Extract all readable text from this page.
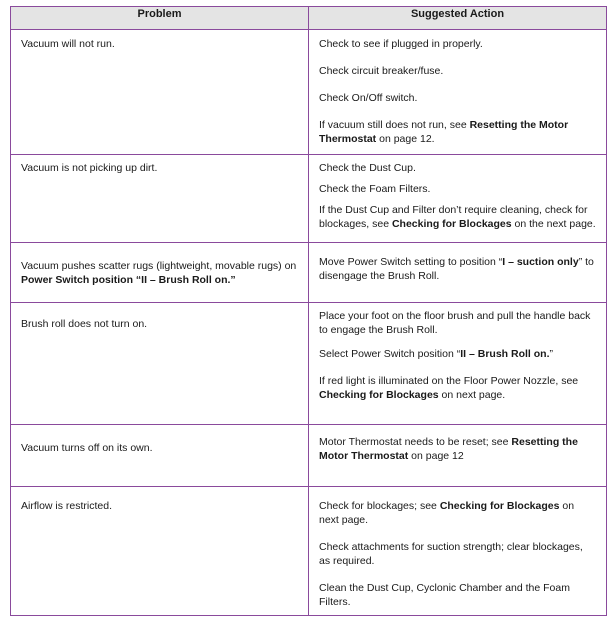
Problem	Suggested Action

Vacuum will not run.	Check to see if plugged in properly.
Check circuit breaker/fuse.
Check On/Off switch.
If vacuum still does not run, see Resetting the Motor Thermostat on page 12.

Vacuum is not picking up dirt.	Check the Dust Cup.
Check the Foam Filters.
If the Dust Cup and Filter don’t require cleaning, check for blockages, see Checking for Blockages on the next page.

Vacuum pushes scatter rugs (lightweight, movable rugs) on Power Switch position “II – Brush Roll on.”	Move Power Switch setting to position “I – suction only” to disengage the Brush Roll.

Brush roll does not turn on.	Place your foot on the floor brush and pull the handle back to engage the Brush Roll.
Select Power Switch position “II – Brush Roll on.”
If red light is illuminated on the Floor Power Nozzle, see Checking for Blockages on next page.

Vacuum turns off on its own.	Motor Thermostat needs to be reset; see Resetting the Motor Thermostat on page 12

Airflow is restricted.	Check for blockages; see Checking for Blockages on next page.
Check attachments for suction strength; clear blockages, as required.
Clean the Dust Cup, Cyclonic Chamber and the Foam Filters.
